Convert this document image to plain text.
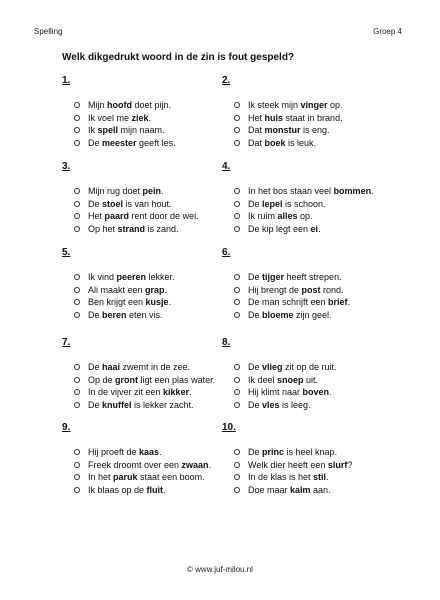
Spelling	Groep 4
Welk dikgedrukt woord in de zin is fout gespeld?
1.
Mijn hoofd doet pijn.
Ik voel me ziek .
Ik spell mijn naam.
De meester geeft les.
2.
Ik steek mijn vinger op.
Het huis staat in brand.
Dat monstur is eng.
Dat boek is leuk.
3.
Mijn rug doet pein .
De stoel is van hout.
Het paard rent door de wei.
Op het strand is zand.
4.
In het bos staan veel bommen .
De lepel is schoon.
Ik ruim alles op.
De kip legt een ei .
5.
Ik vind peeren lekker.
Ali maakt een grap .
Ben krijgt een kusje .
De beren eten vis.
6.
De tijger heeft strepen.
Hij brengt de post rond.
De man schrijft een brief .
De bloeme zijn geel.
7.
De haai zwemt in de zee.
Op de gront ligt een plas water.
In de vijver zit een kikker .
De knuffel is lekker zacht.
8.
De vlieg zit op de ruit.
Ik deel snoep uit.
Hij klimt naar boven .
De vles is leeg.
9.
Hij proeft de kaas .
Freek droomt over een zwaan .
In het paruk staat een boom.
Ik blaas op de fluit .
10.
De princ is heel knap.
Welk dier heeft een slurf ?
In de klas is het stil .
Doe maar kalm aan.
© www.juf-milou.nl
